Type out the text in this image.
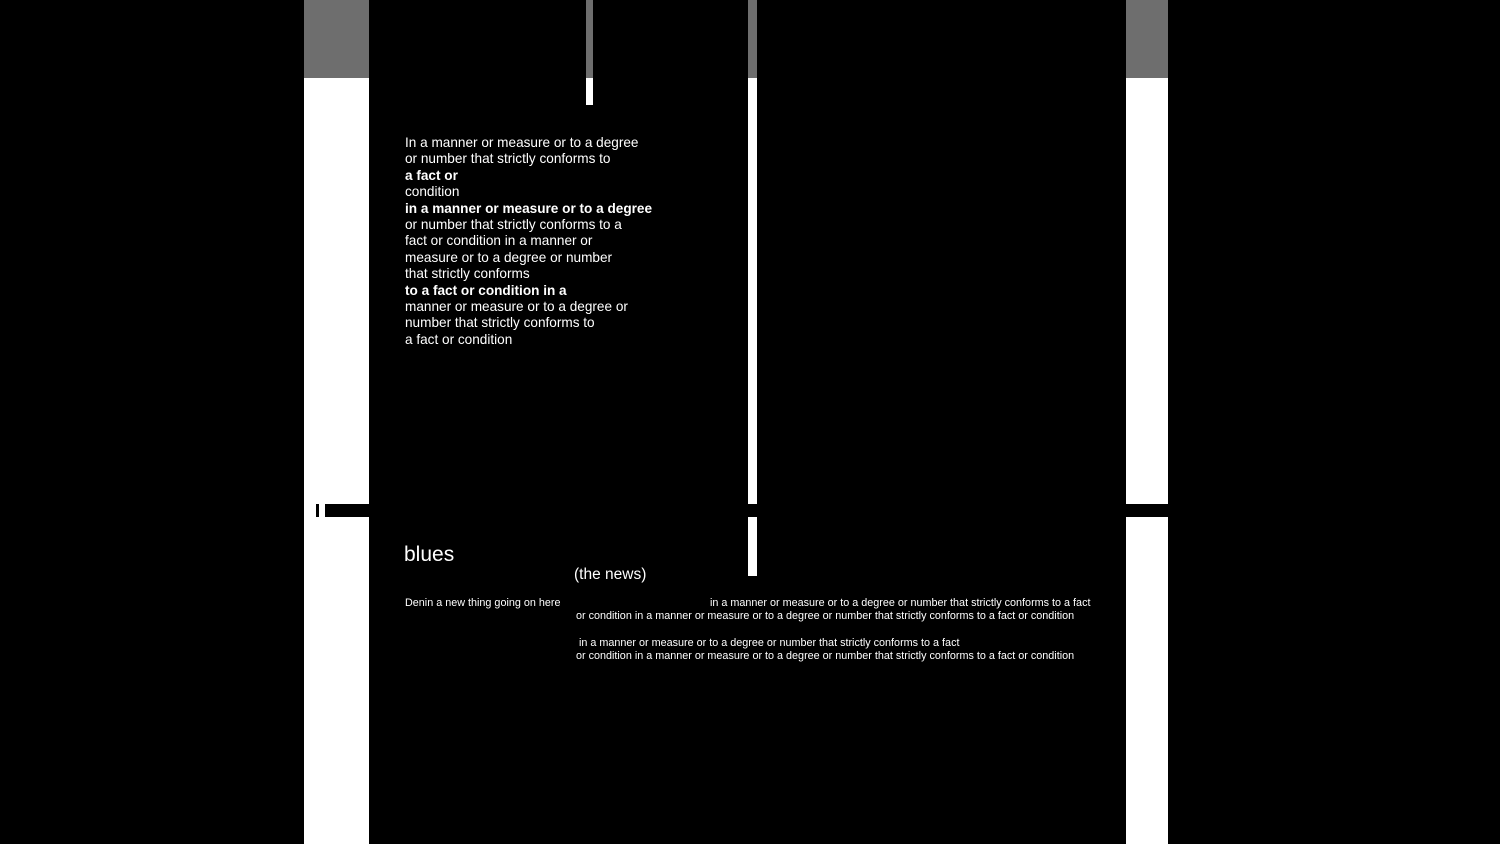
In a manner or measure or to a degree
or number that strictly conforms to
a fact or
condition
in a manner or measure or to a degree
or number that strictly conforms to a
fact or condition in a manner or
measure or to a degree or number
that strictly conforms
to a fact or condition in a
manner or measure or to a degree or
number that strictly conforms to
a fact or condition
blues
(the news)
Denin a new thing going on here	in a manner or measure or to a degree or number that strictly conforms to a fact
or condition in a manner or measure or to a degree or number that strictly conforms to a fact or condition
in a manner or measure or to a degree or number that strictly conforms to a fact
or condition in a manner or measure or to a degree or number that strictly conforms to a fact or condition
